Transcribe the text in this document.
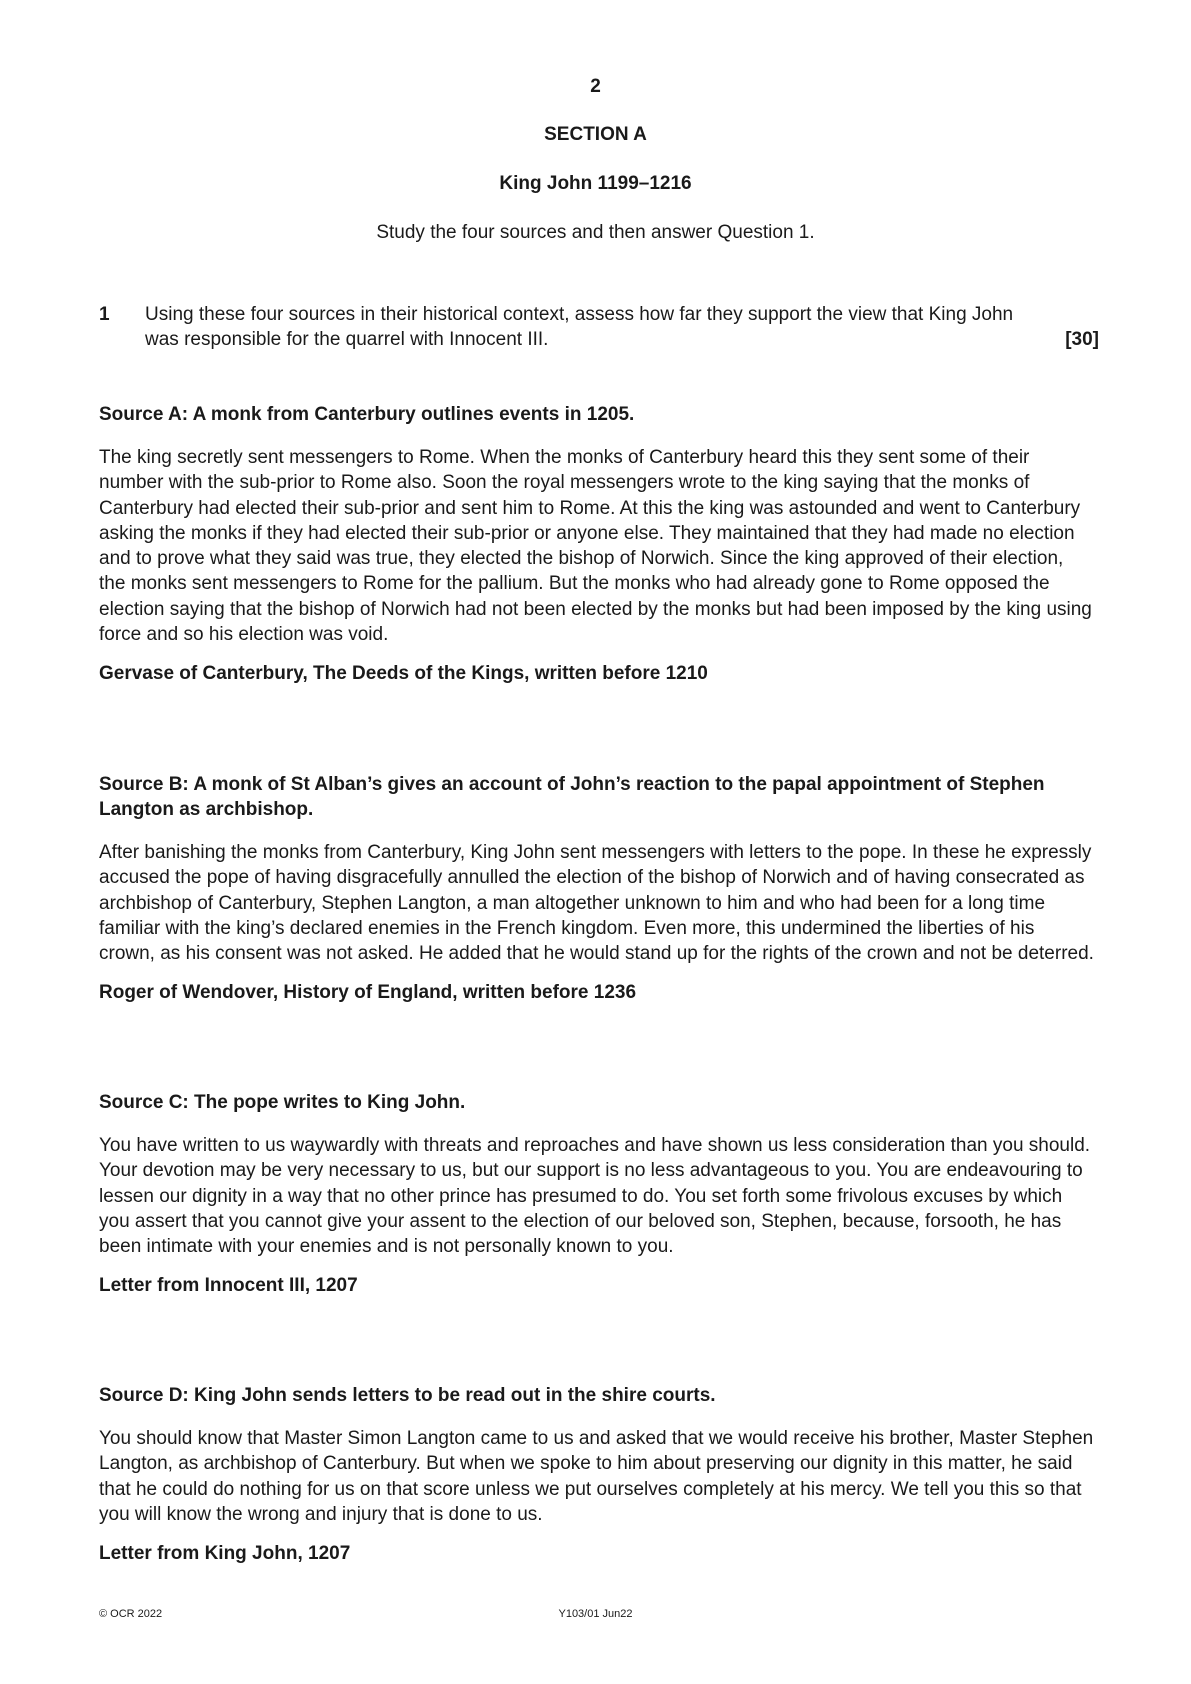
2
SECTION A
King John 1199–1216
Study the four sources and then answer Question 1.
1 Using these four sources in their historical context, assess how far they support the view that King John was responsible for the quarrel with Innocent III.	[30]

Source A: A monk from Canterbury outlines events in 1205.

The king secretly sent messengers to Rome. When the monks of Canterbury heard this they sent some of their number with the sub-prior to Rome also. Soon the royal messengers wrote to the king saying that the monks of Canterbury had elected their sub-prior and sent him to Rome. At this the king was astounded and went to Canterbury asking the monks if they had elected their sub-prior or anyone else. They maintained that they had made no election and to prove what they said was true, they elected the bishop of Norwich. Since the king approved of their election, the monks sent messengers to Rome for the pallium. But the monks who had already gone to Rome opposed the election saying that the bishop of Norwich had not been elected by the monks but had been imposed by the king using force and so his election was void.

Gervase of Canterbury, The Deeds of the Kings, written before 1210

Source B: A monk of St Alban’s gives an account of John’s reaction to the papal appointment of Stephen Langton as archbishop.

After banishing the monks from Canterbury, King John sent messengers with letters to the pope. In these he expressly accused the pope of having disgracefully annulled the election of the bishop of Norwich and of having consecrated as archbishop of Canterbury, Stephen Langton, a man altogether unknown to him and who had been for a long time familiar with the king’s declared enemies in the French kingdom. Even more, this undermined the liberties of his crown, as his consent was not asked. He added that he would stand up for the rights of the crown and not be deterred.

Roger of Wendover, History of England, written before 1236

Source C: The pope writes to King John.

You have written to us waywardly with threats and reproaches and have shown us less consideration than you should. Your devotion may be very necessary to us, but our support is no less advantageous to you. You are endeavouring to lessen our dignity in a way that no other prince has presumed to do. You set forth some frivolous excuses by which you assert that you cannot give your assent to the election of our beloved son, Stephen, because, forsooth, he has been intimate with your enemies and is not personally known to you.

Letter from Innocent III, 1207

Source D: King John sends letters to be read out in the shire courts.

You should know that Master Simon Langton came to us and asked that we would receive his brother, Master Stephen Langton, as archbishop of Canterbury. But when we spoke to him about preserving our dignity in this matter, he said that he could do nothing for us on that score unless we put ourselves completely at his mercy. We tell you this so that you will know the wrong and injury that is done to us.

Letter from King John, 1207

© OCR 2022	Y103/01 Jun22
